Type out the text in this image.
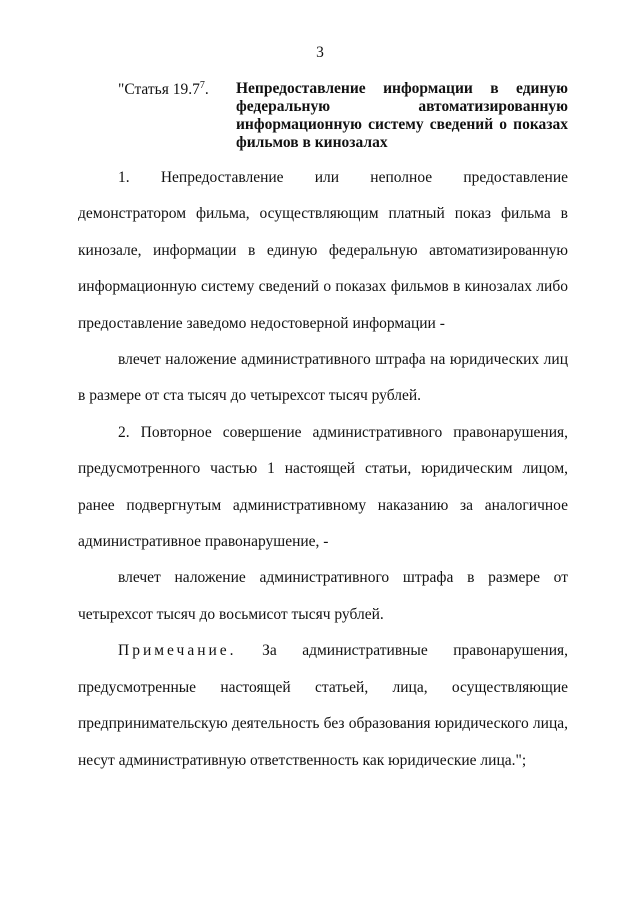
3
"Статья 19.7$^7$. Непредоставление информации в единую федеральную автоматизированную информационную систему сведений о показах фильмов в кинозалах

1. Непредоставление или неполное предоставление демонстратором фильма, осуществляющим платный показ фильма в кинозале, информации в единую федеральную автоматизированную информационную систему сведений о показах фильмов в кинозалах либо предоставление заведомо недостоверной информации -

влечет наложение административного штрафа на юридических лиц в размере от ста тысяч до четырехсот тысяч рублей.

2. Повторное совершение административного правонарушения, предусмотренного частью 1 настоящей статьи, юридическим лицом, ранее подвергнутым административному наказанию за аналогичное административное правонарушение, -

влечет наложение административного штрафа в размере от четырехсот тысяч до восьмисот тысяч рублей.

Примечание. За административные правонарушения, предусмотренные настоящей статьей, лица, осуществляющие предпринимательскую деятельность без образования юридического лица, несут административную ответственность как юридические лица.";
